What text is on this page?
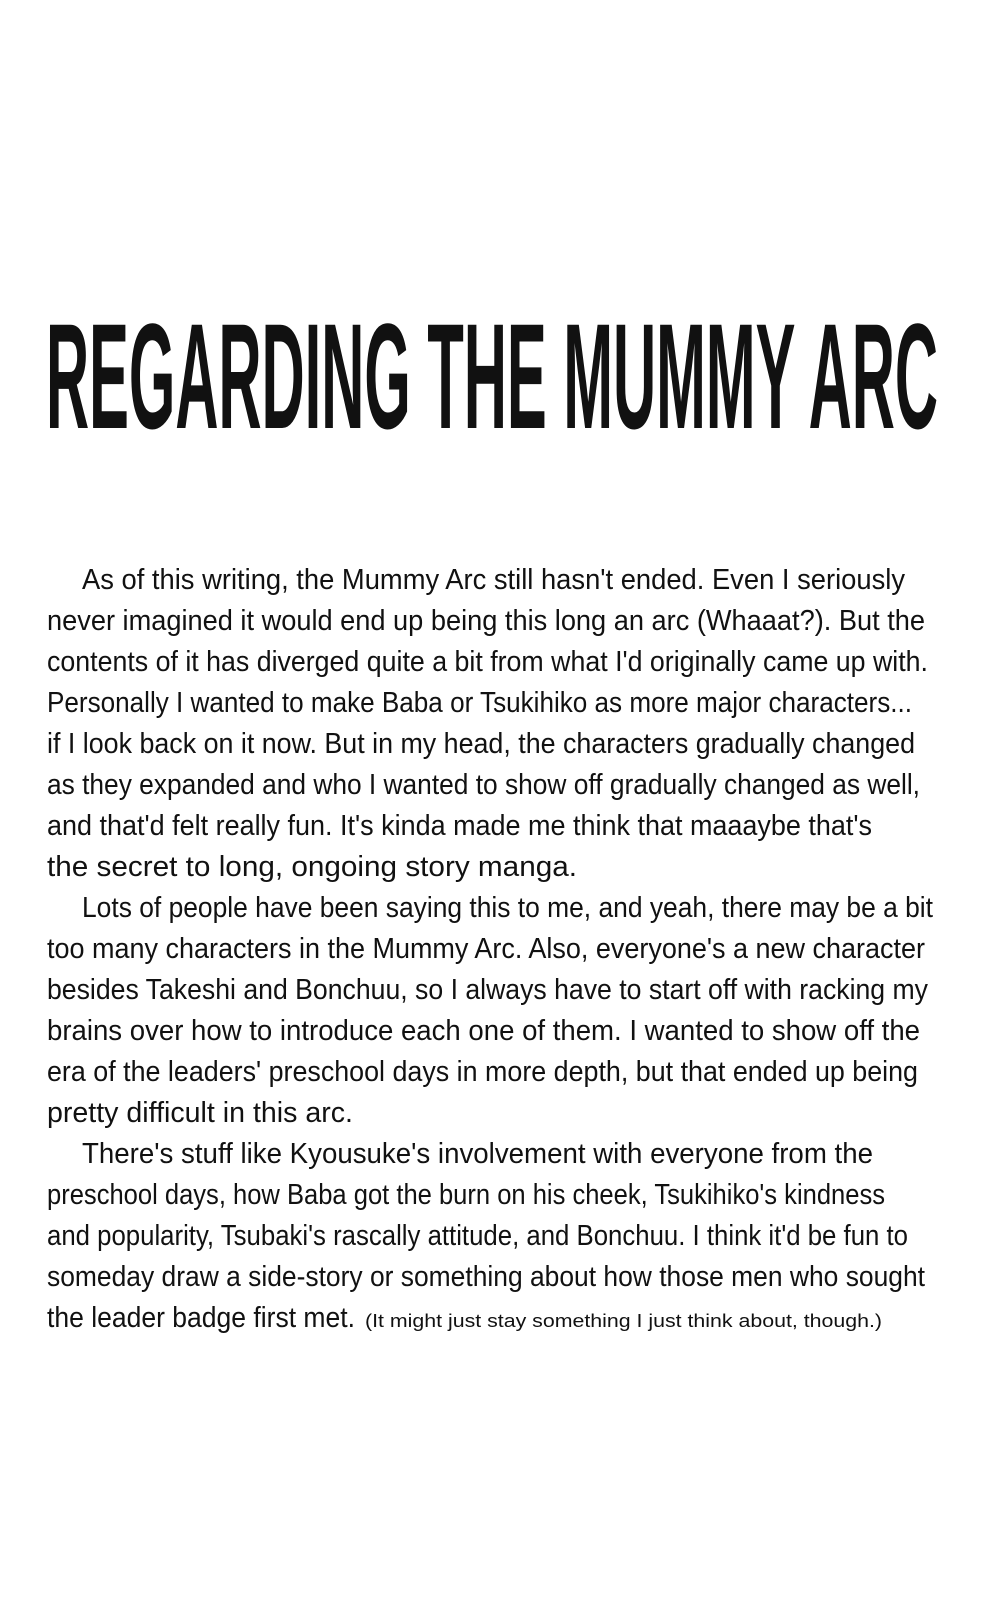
REGARDING THE MUMMY ARC
As of this writing, the Mummy Arc still hasn't ended. Even I seriously
never imagined it would end up being this long an arc (Whaaat?). But the
contents of it has diverged quite a bit from what I'd originally came up with.
Personally I wanted to make Baba or Tsukihiko as more major characters...
if I look back on it now. But in my head, the characters gradually changed
as they expanded and who I wanted to show off gradually changed as well,
and that'd felt really fun. It's kinda made me think that maaaybe that's
the secret to long, ongoing story manga.
Lots of people have been saying this to me, and yeah, there may be a bit
too many characters in the Mummy Arc. Also, everyone's a new character
besides Takeshi and Bonchuu, so I always have to start off with racking my
brains over how to introduce each one of them. I wanted to show off the
era of the leaders' preschool days in more depth, but that ended up being
pretty difficult in this arc.
There's stuff like Kyousuke's involvement with everyone from the
preschool days, how Baba got the burn on his cheek, Tsukihiko's kindness
and popularity, Tsubaki's rascally attitude, and Bonchuu. I think it'd be fun to
someday draw a side-story or something about how those men who sought
the leader badge first met. (It might just stay something I just think about, though.)
